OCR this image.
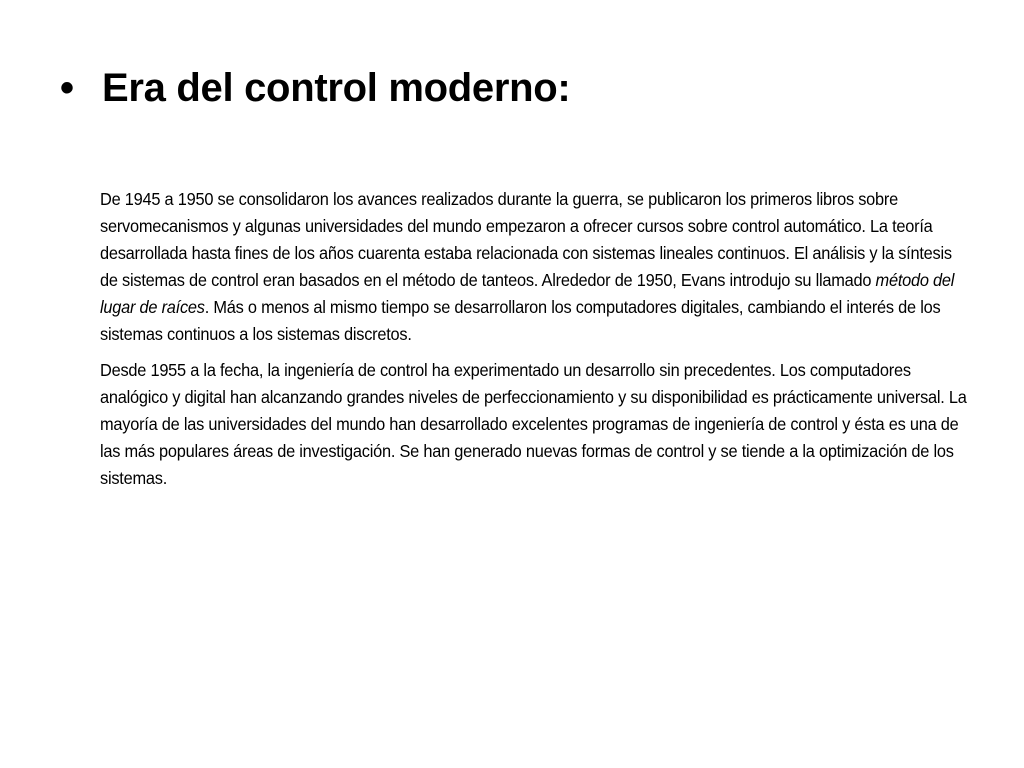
• Era del control moderno:

De 1945 a 1950 se consolidaron los avances realizados durante la guerra, se publicaron los primeros libros sobre servomecanismos y algunas universidades del mundo empezaron a ofrecer cursos sobre control automático. La teoría desarrollada hasta fines de los años cuarenta estaba relacionada con sistemas lineales continuos. El análisis y la síntesis de sistemas de control eran basados en el método de tanteos. Alrededor de 1950, Evans introdujo su llamado método del lugar de raíces. Más o menos al mismo tiempo se desarrollaron los computadores digitales, cambiando el interés de los sistemas continuos a los sistemas discretos.

Desde 1955 a la fecha, la ingeniería de control ha experimentado un desarrollo sin precedentes. Los computadores analógico y digital han alcanzando grandes niveles de perfeccionamiento y su disponibilidad es prácticamente universal. La mayoría de las universidades del mundo han desarrollado excelentes programas de ingeniería de control y ésta es una de las más populares áreas de investigación. Se han generado nuevas formas de control y se tiende a la optimización de los sistemas.
